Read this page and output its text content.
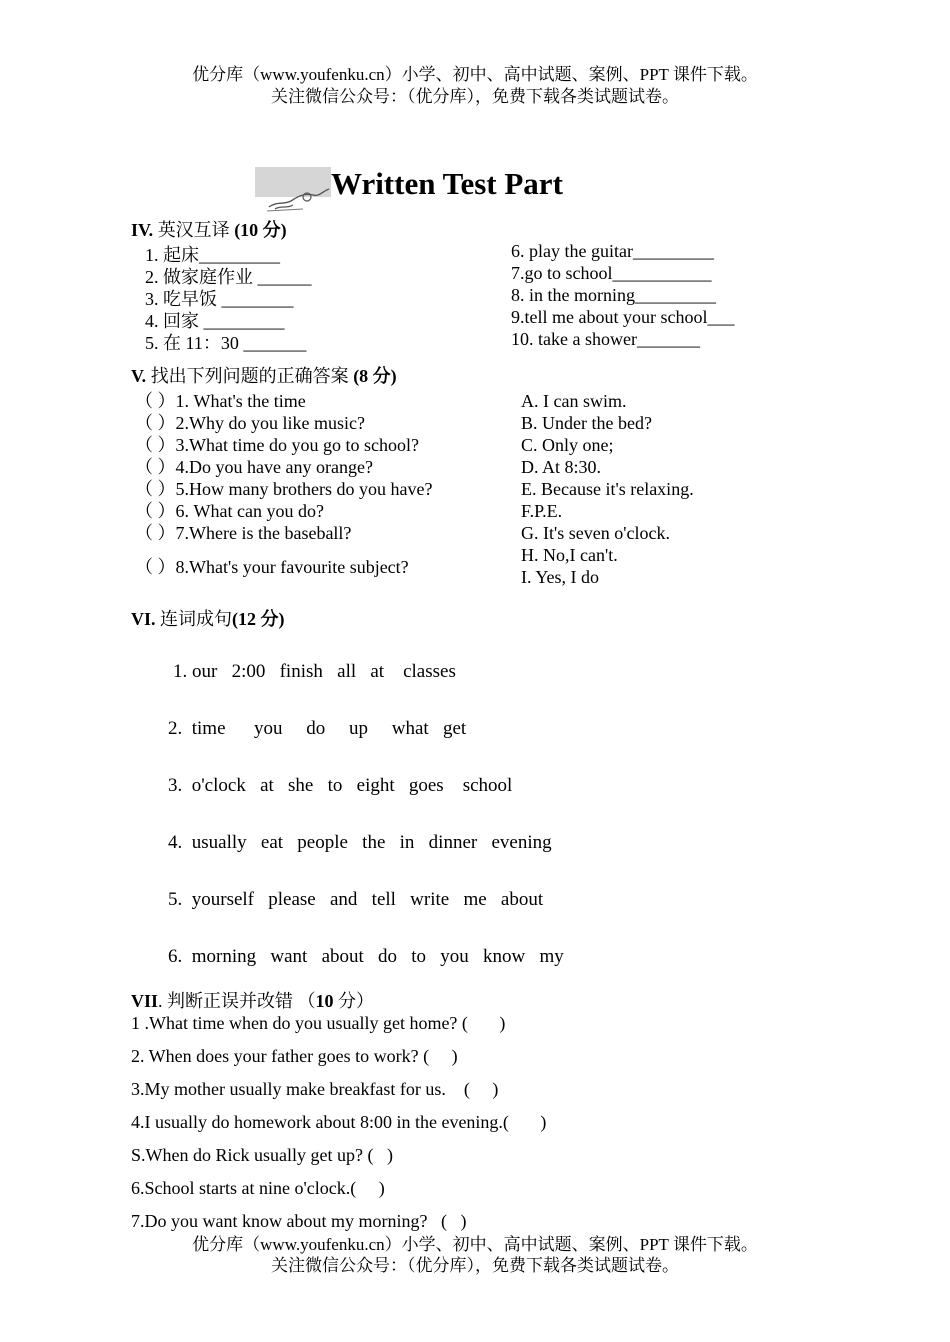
优分库（www.youfenku.cn）小学、初中、高中试题、案例、PPT 课件下载。
关注微信公众号：（优分库），免费下载各类试题试卷。

Written Test Part
IV. 英汉互译 (10 分)
1. 起床_________
2. 做家庭作业 ______
3. 吃早饭 ________
4. 回家 _________
5. 在 11：30 _______
6. play the guitar_________
7.go to school___________
8. in the morning_________
9.tell me about your school___
10. take a shower_______
V. 找出下列问题的正确答案 (8 分)
（ ）1. What's the time
（ ）2.Why do you like music?
（ ）3.What time do you go to school?
（ ）4.Do you have any orange?
（ ）5.How many brothers do you have?
（ ）6. What can you do?
（ ）7.Where is the baseball?
（ ）8.What's your favourite subject?
A. I can swim.
B. Under the bed?
C. Only one;
D. At 8:30.
E. Because it's relaxing.
F.P.E.
G. It's seven o'clock.
H. No,I can't.
I. Yes, I do
VI. 连词成句(12 分)
1. our   2:00   finish   all   at    classes
2.  time      you     do     up     what   get
3.  o'clock   at   she   to   eight   goes    school
4.  usually   eat   people   the   in   dinner   evening
5.  yourself   please   and   tell   write   me   about
6.  morning   want   about   do   to   you   know   my
VII. 判断正误并改错 （10 分）
1 .What time when do you usually get home? (       )
2. When does your father goes to work? (     )
3.My mother usually make breakfast for us.    (     )
4.I usually do homework about 8:00 in the evening.(       )
S.When do Rick usually get up? (   )
6.School starts at nine o'clock.(     )
7.Do you want know about my morning?   (   )
优分库（www.youfenku.cn）小学、初中、高中试题、案例、PPT 课件下载。
关注微信公众号：（优分库），免费下载各类试题试卷。
